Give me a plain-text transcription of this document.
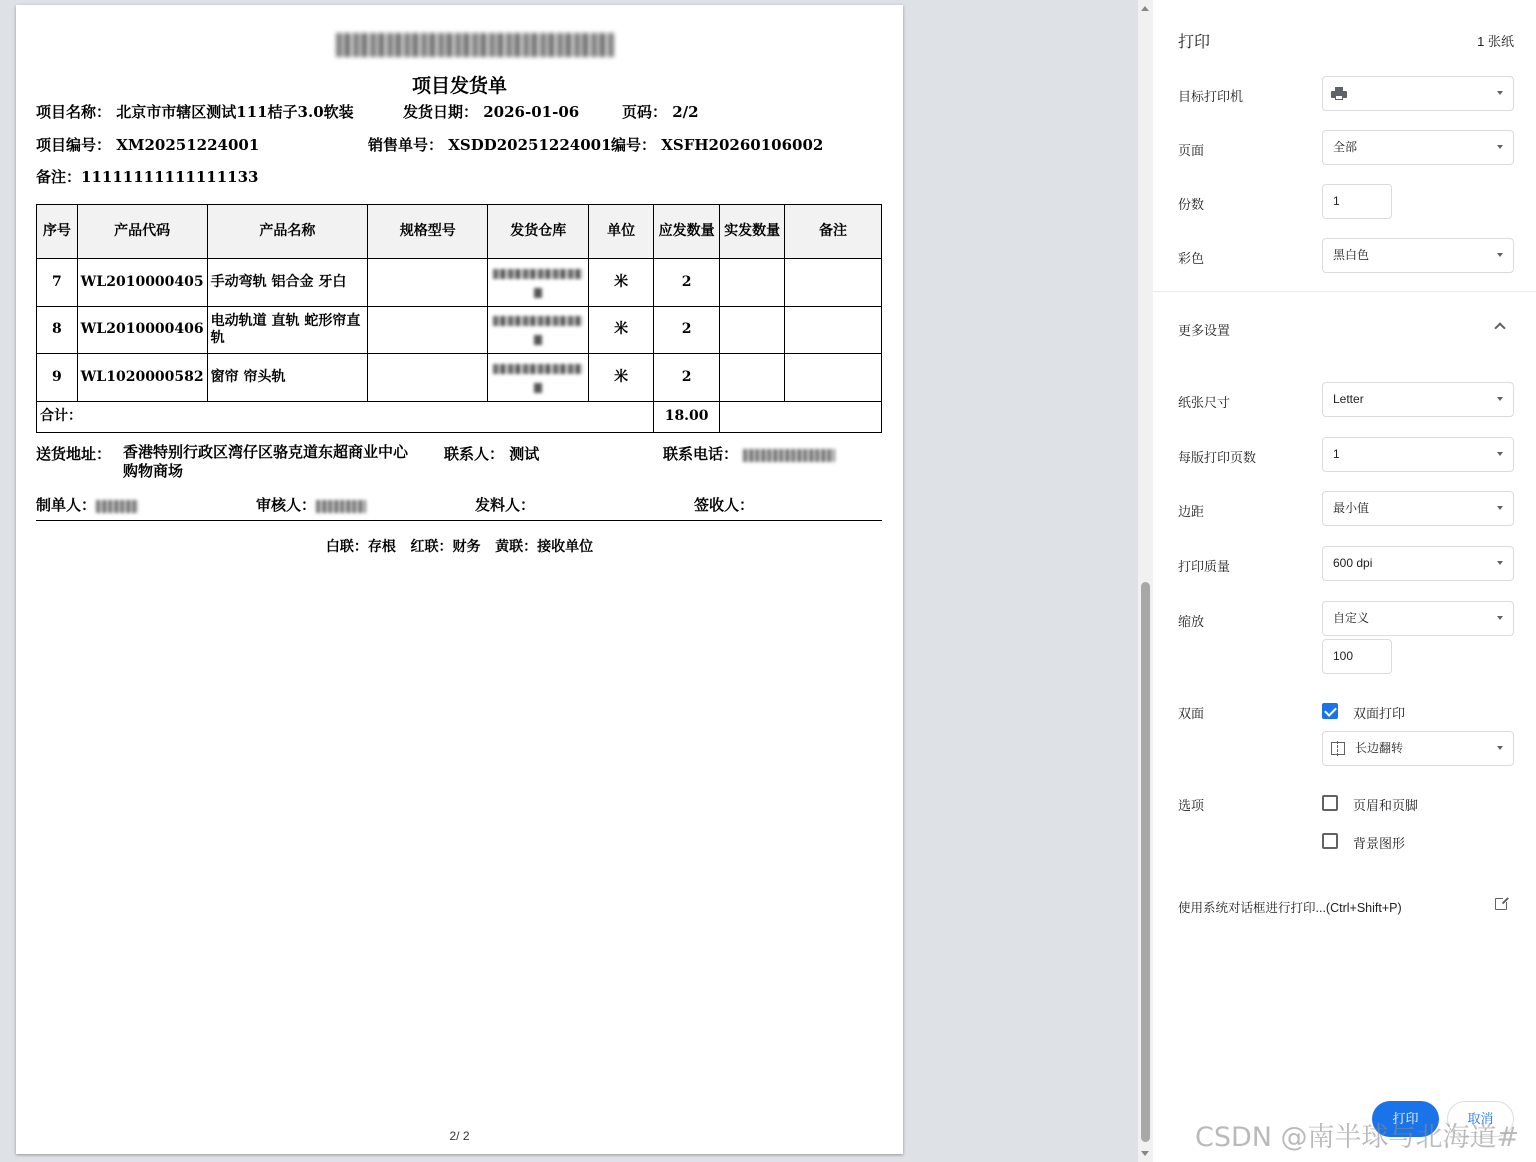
项目发货单
项目名称： 北京市市辖区测试111桔子3.0软装	发货日期： 2026-01-06	页码： 2/2
项目编号： XM20251224001	销售单号： XSDD20251224001 编号： XSFH20260106002
备注：11111111111111133
序号	产品代码	产品名称	规格型号	发货仓库	单位	应发数量	实发数量	备注
7	WL2010000405	手动弯轨 铝合金 牙白			米	2		
8	WL2010000406	电动轨道 直轨 蛇形帘直轨			米	2		
9	WL1020000582	窗帘 帘头轨			米	2		
合计：						18.00		
送货地址： 香港特别行政区湾仔区骆克道东超商业中心购物商场
联系人： 测试	联系电话：
制单人：	审核人：	发料人：	签收人：
白联：存根   红联：财务   黄联：接收单位
2/ 2
打印	1 张纸
目标打印机

页面	全部
份数	1
彩色	黑白色
更多设置
纸张尺寸	Letter
每版打印页数	1
边距	最小值
打印质量	600 dpi
缩放	自定义
100
双面	双面打印
长边翻转
选项	页眉和页脚
背景图形
使用系统对话框进行打印...(Ctrl+Shift+P)
打印	取消
CSDN @南半球与北海道#
